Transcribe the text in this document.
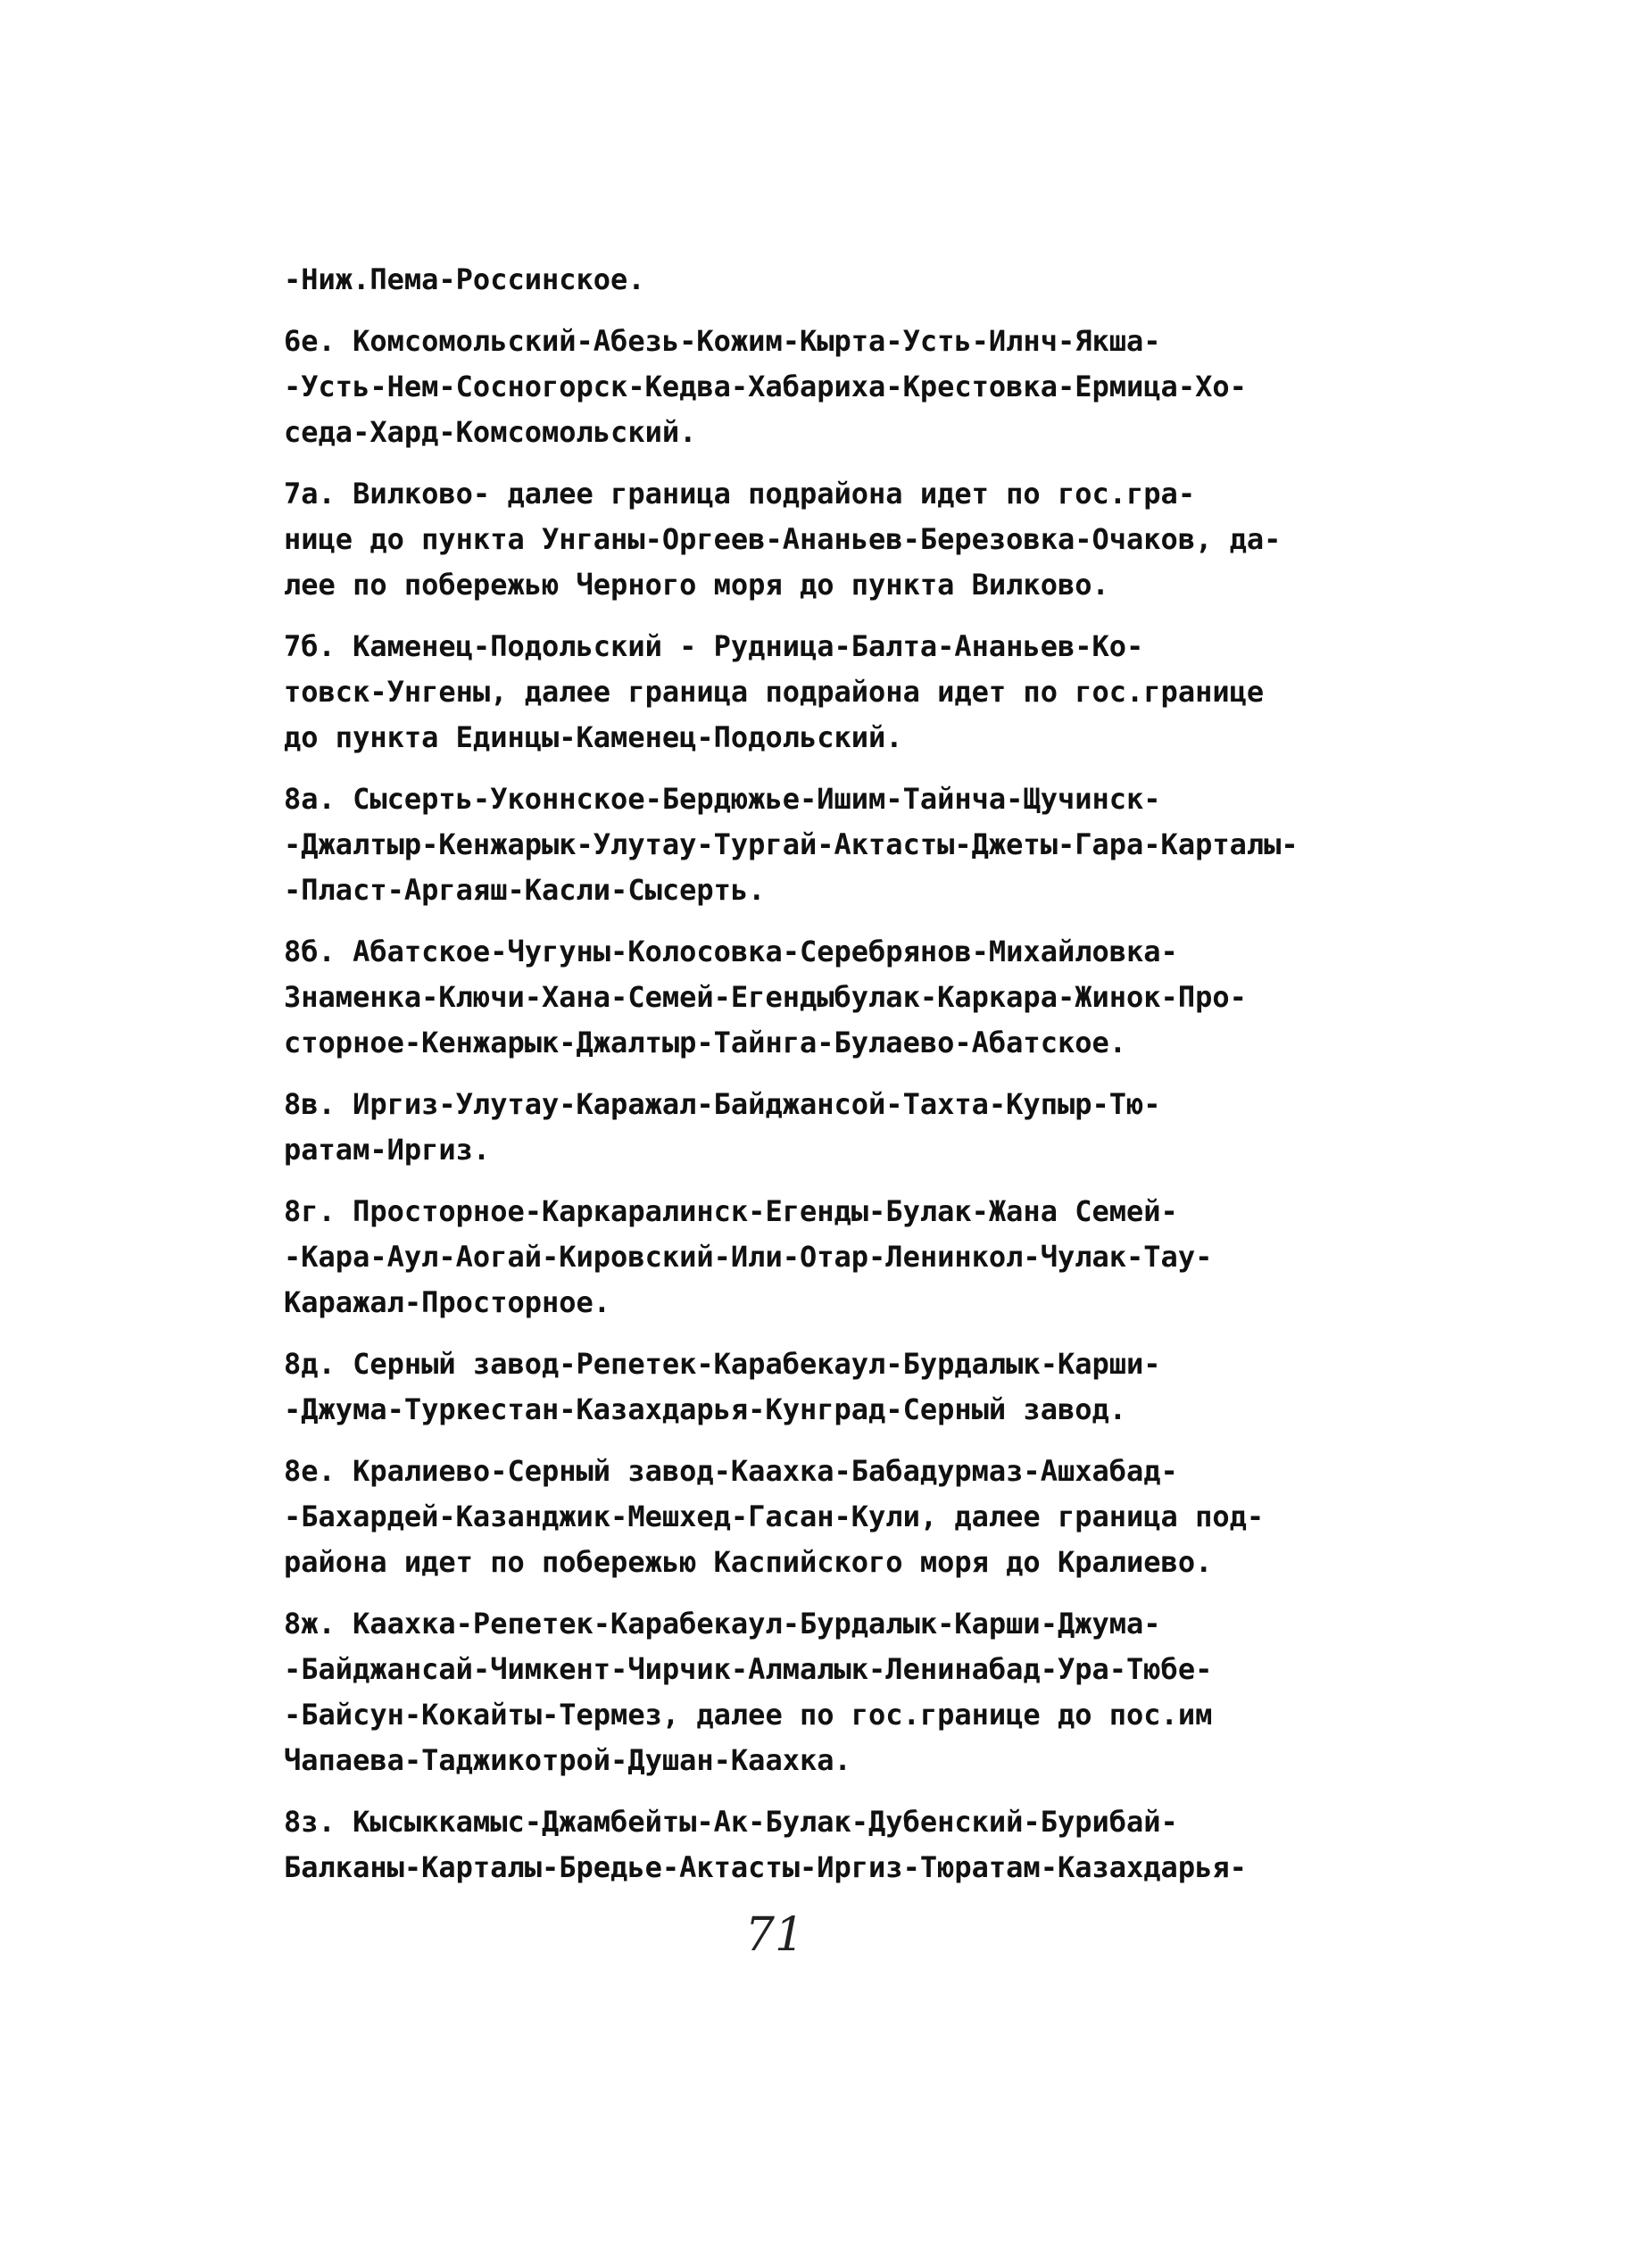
-Ниж.Пема-Россинское.
6е. Комсомольский-Абезь-Кожим-Кырта-Усть-Илнч-Якша-
-Усть-Нем-Сосногорск-Кедва-Хабариха-Крестовка-Ермица-Хо-
седа-Хард-Комсомольский.
7а. Вилково- далее граница подрайона идет по гос.гра-
нице до пункта Унганы-Оргеев-Ананьев-Березовка-Очаков, да-
лее по побережью Черного моря до пункта Вилково.
7б. Каменец-Подольский - Рудница-Балта-Ананьев-Ко-
товск-Унгены, далее граница подрайона идет по гос.границе
до пункта Единцы-Каменец-Подольский.
8а. Сысерть-Уконнское-Бердюжье-Ишим-Тайнча-Щучинск-
-Джалтыр-Кенжарык-Улутау-Тургай-Актасты-Джеты-Гара-Карталы-
-Пласт-Аргаяш-Касли-Сысерть.
8б. Абатское-Чугуны-Колосовка-Серебрянов-Михайловка-
Знаменка-Ключи-Хана-Семей-Егендыбулак-Каркара-Жинок-Про-
сторное-Кенжарык-Джалтыр-Тайнга-Булаево-Абатское.
8в. Иргиз-Улутау-Каражал-Байджансой-Тахта-Купыр-Тю-
ратам-Иргиз.
8г. Просторное-Каркаралинск-Егенды-Булак-Жана Семей-
-Кара-Аул-Аогай-Кировский-Или-Отар-Ленинкол-Чулак-Тау-
Каражал-Просторное.
8д. Серный завод-Репетек-Карабекаул-Бурдалык-Карши-
-Джума-Туркестан-Казахдарья-Кунград-Серный завод.
8е. Кралиево-Серный завод-Каахка-Бабадурмаз-Ашхабад-
-Бахардей-Казанджик-Мешхед-Гасан-Кули, далее граница под-
района идет по побережью Каспийского моря до Кралиево.
8ж. Каахка-Репетек-Карабекаул-Бурдалык-Карши-Джума-
-Байджансай-Чимкент-Чирчик-Алмалык-Ленинабад-Ура-Тюбе-
-Байсун-Кокайты-Термез, далее по гос.границе до пос.им
Чапаева-Таджикотрой-Душан-Каахка.
8з. Кысыккамыс-Джамбейты-Ак-Булак-Дубенский-Бурибай-
Балканы-Карталы-Бредье-Актасты-Иргиз-Тюратам-Казахдарья-
71
